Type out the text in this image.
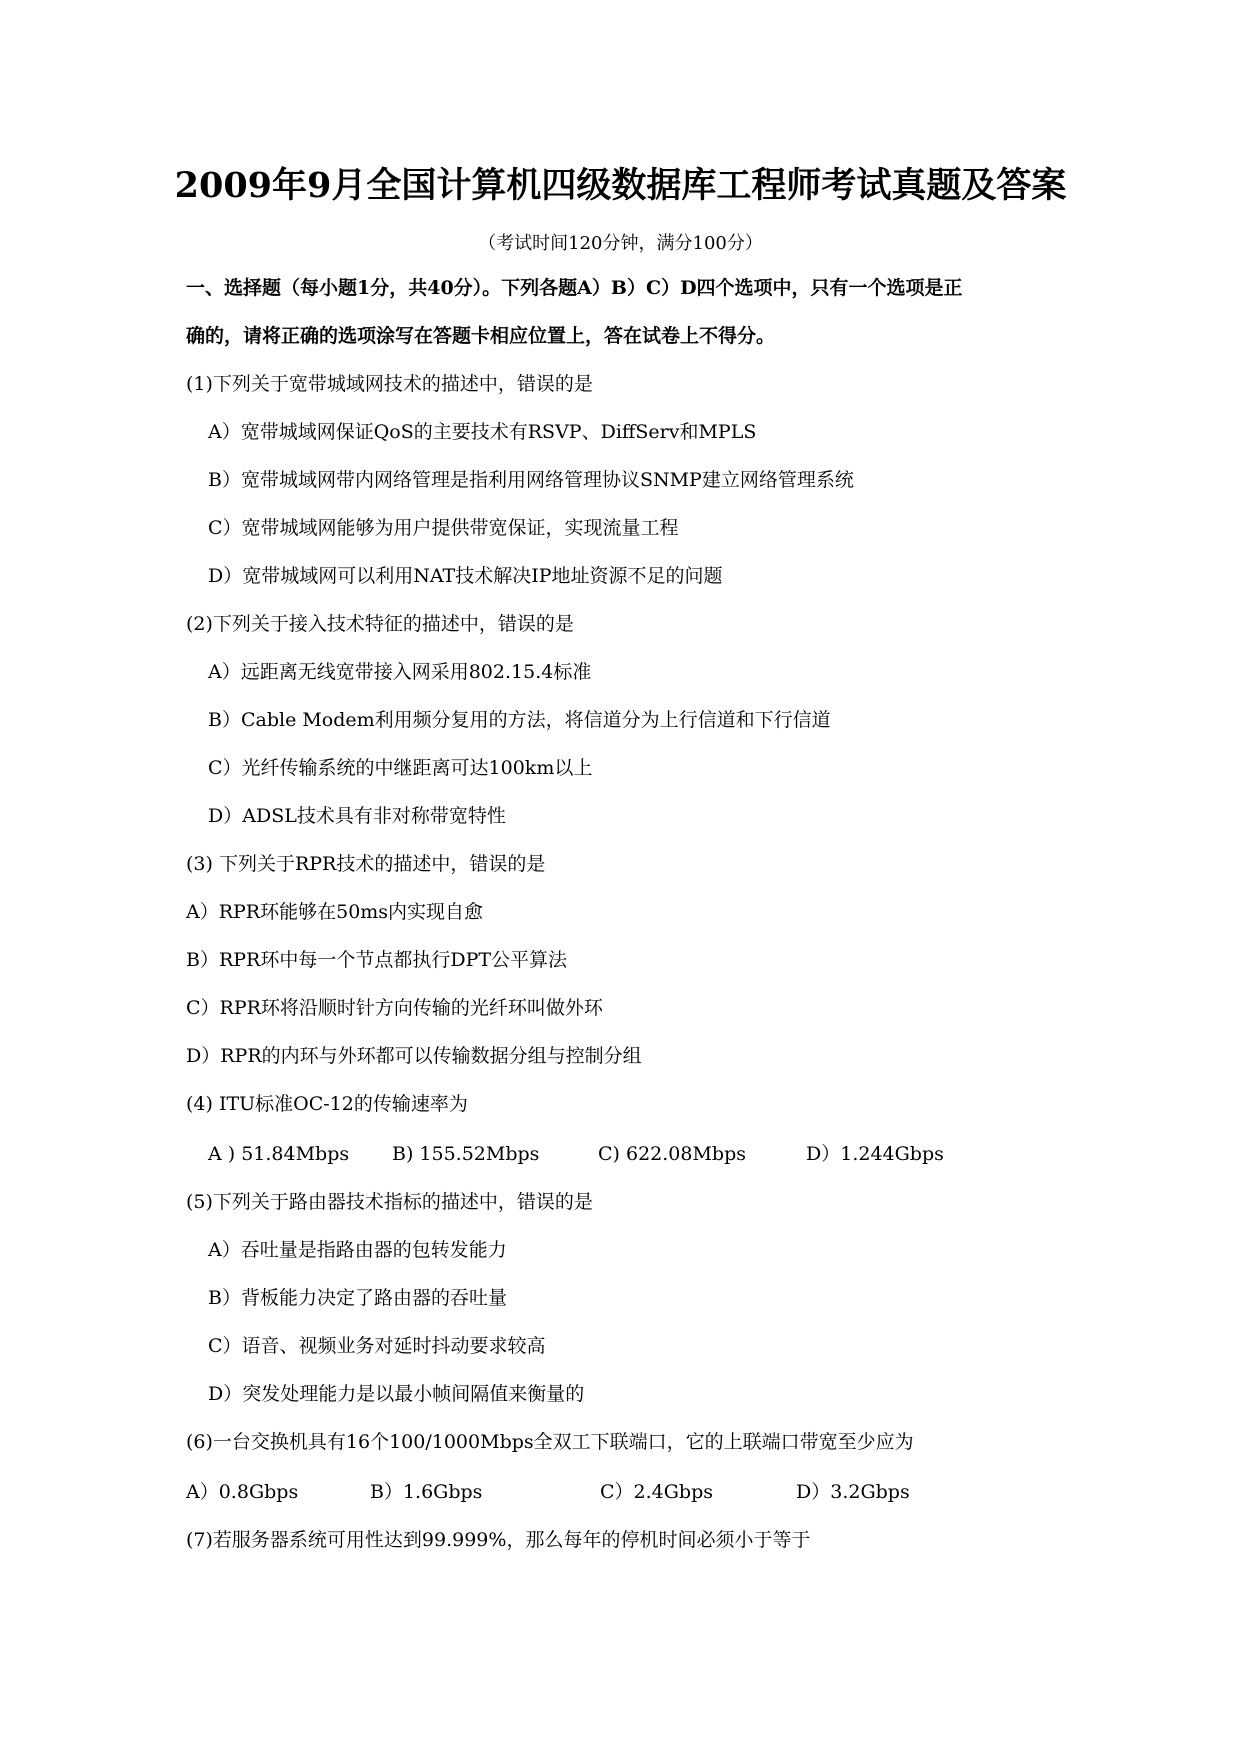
2009年9月全国计算机四级数据库工程师考试真题及答案
（考试时间120分钟，满分100分）
一、选择题（每小题1分，共40分）。下列各题A）B）C）D四个选项中，只有一个选项是正
确的，请将正确的选项涂写在答题卡相应位置上，答在试卷上不得分。
(1)下列关于宽带城域网技术的描述中，错误的是
A）宽带城域网保证QoS的主要技术有RSVP、DiffServ和MPLS
B）宽带城域网带内网络管理是指利用网络管理协议SNMP建立网络管理系统
C）宽带城域网能够为用户提供带宽保证，实现流量工程
D）宽带城域网可以利用NAT技术解决IP地址资源不足的问题
(2)下列关于接入技术特征的描述中，错误的是
A）远距离无线宽带接入网采用802.15.4标准
B）Cable Modem利用频分复用的方法，将信道分为上行信道和下行信道
C）光纤传输系统的中继距离可达100km以上
D）ADSL技术具有非对称带宽特性
(3) 下列关于RPR技术的描述中，错误的是
A）RPR环能够在50ms内实现自愈
B）RPR环中每一个节点都执行DPT公平算法
C）RPR环将沿顺时针方向传输的光纤环叫做外环
D）RPR的内环与外环都可以传输数据分组与控制分组
(4) ITU标准OC-12的传输速率为
A ) 51.84Mbps B) 155.52Mbps	C) 622.08Mbps	D）1.244Gbps
(5)下列关于路由器技术指标的描述中，错误的是
A）吞吐量是指路由器的包转发能力
B）背板能力决定了路由器的吞吐量
C）语音、视频业务对延时抖动要求较高
D）突发处理能力是以最小帧间隔值来衡量的
(6)一台交换机具有16个100/1000Mbps全双工下联端口，它的上联端口带宽至少应为
A）0.8Gbps	B）1.6Gbps	C）2.4Gbps	D）3.2Gbps
(7)若服务器系统可用性达到99.999%，那么每年的停机时间必须小于等于
